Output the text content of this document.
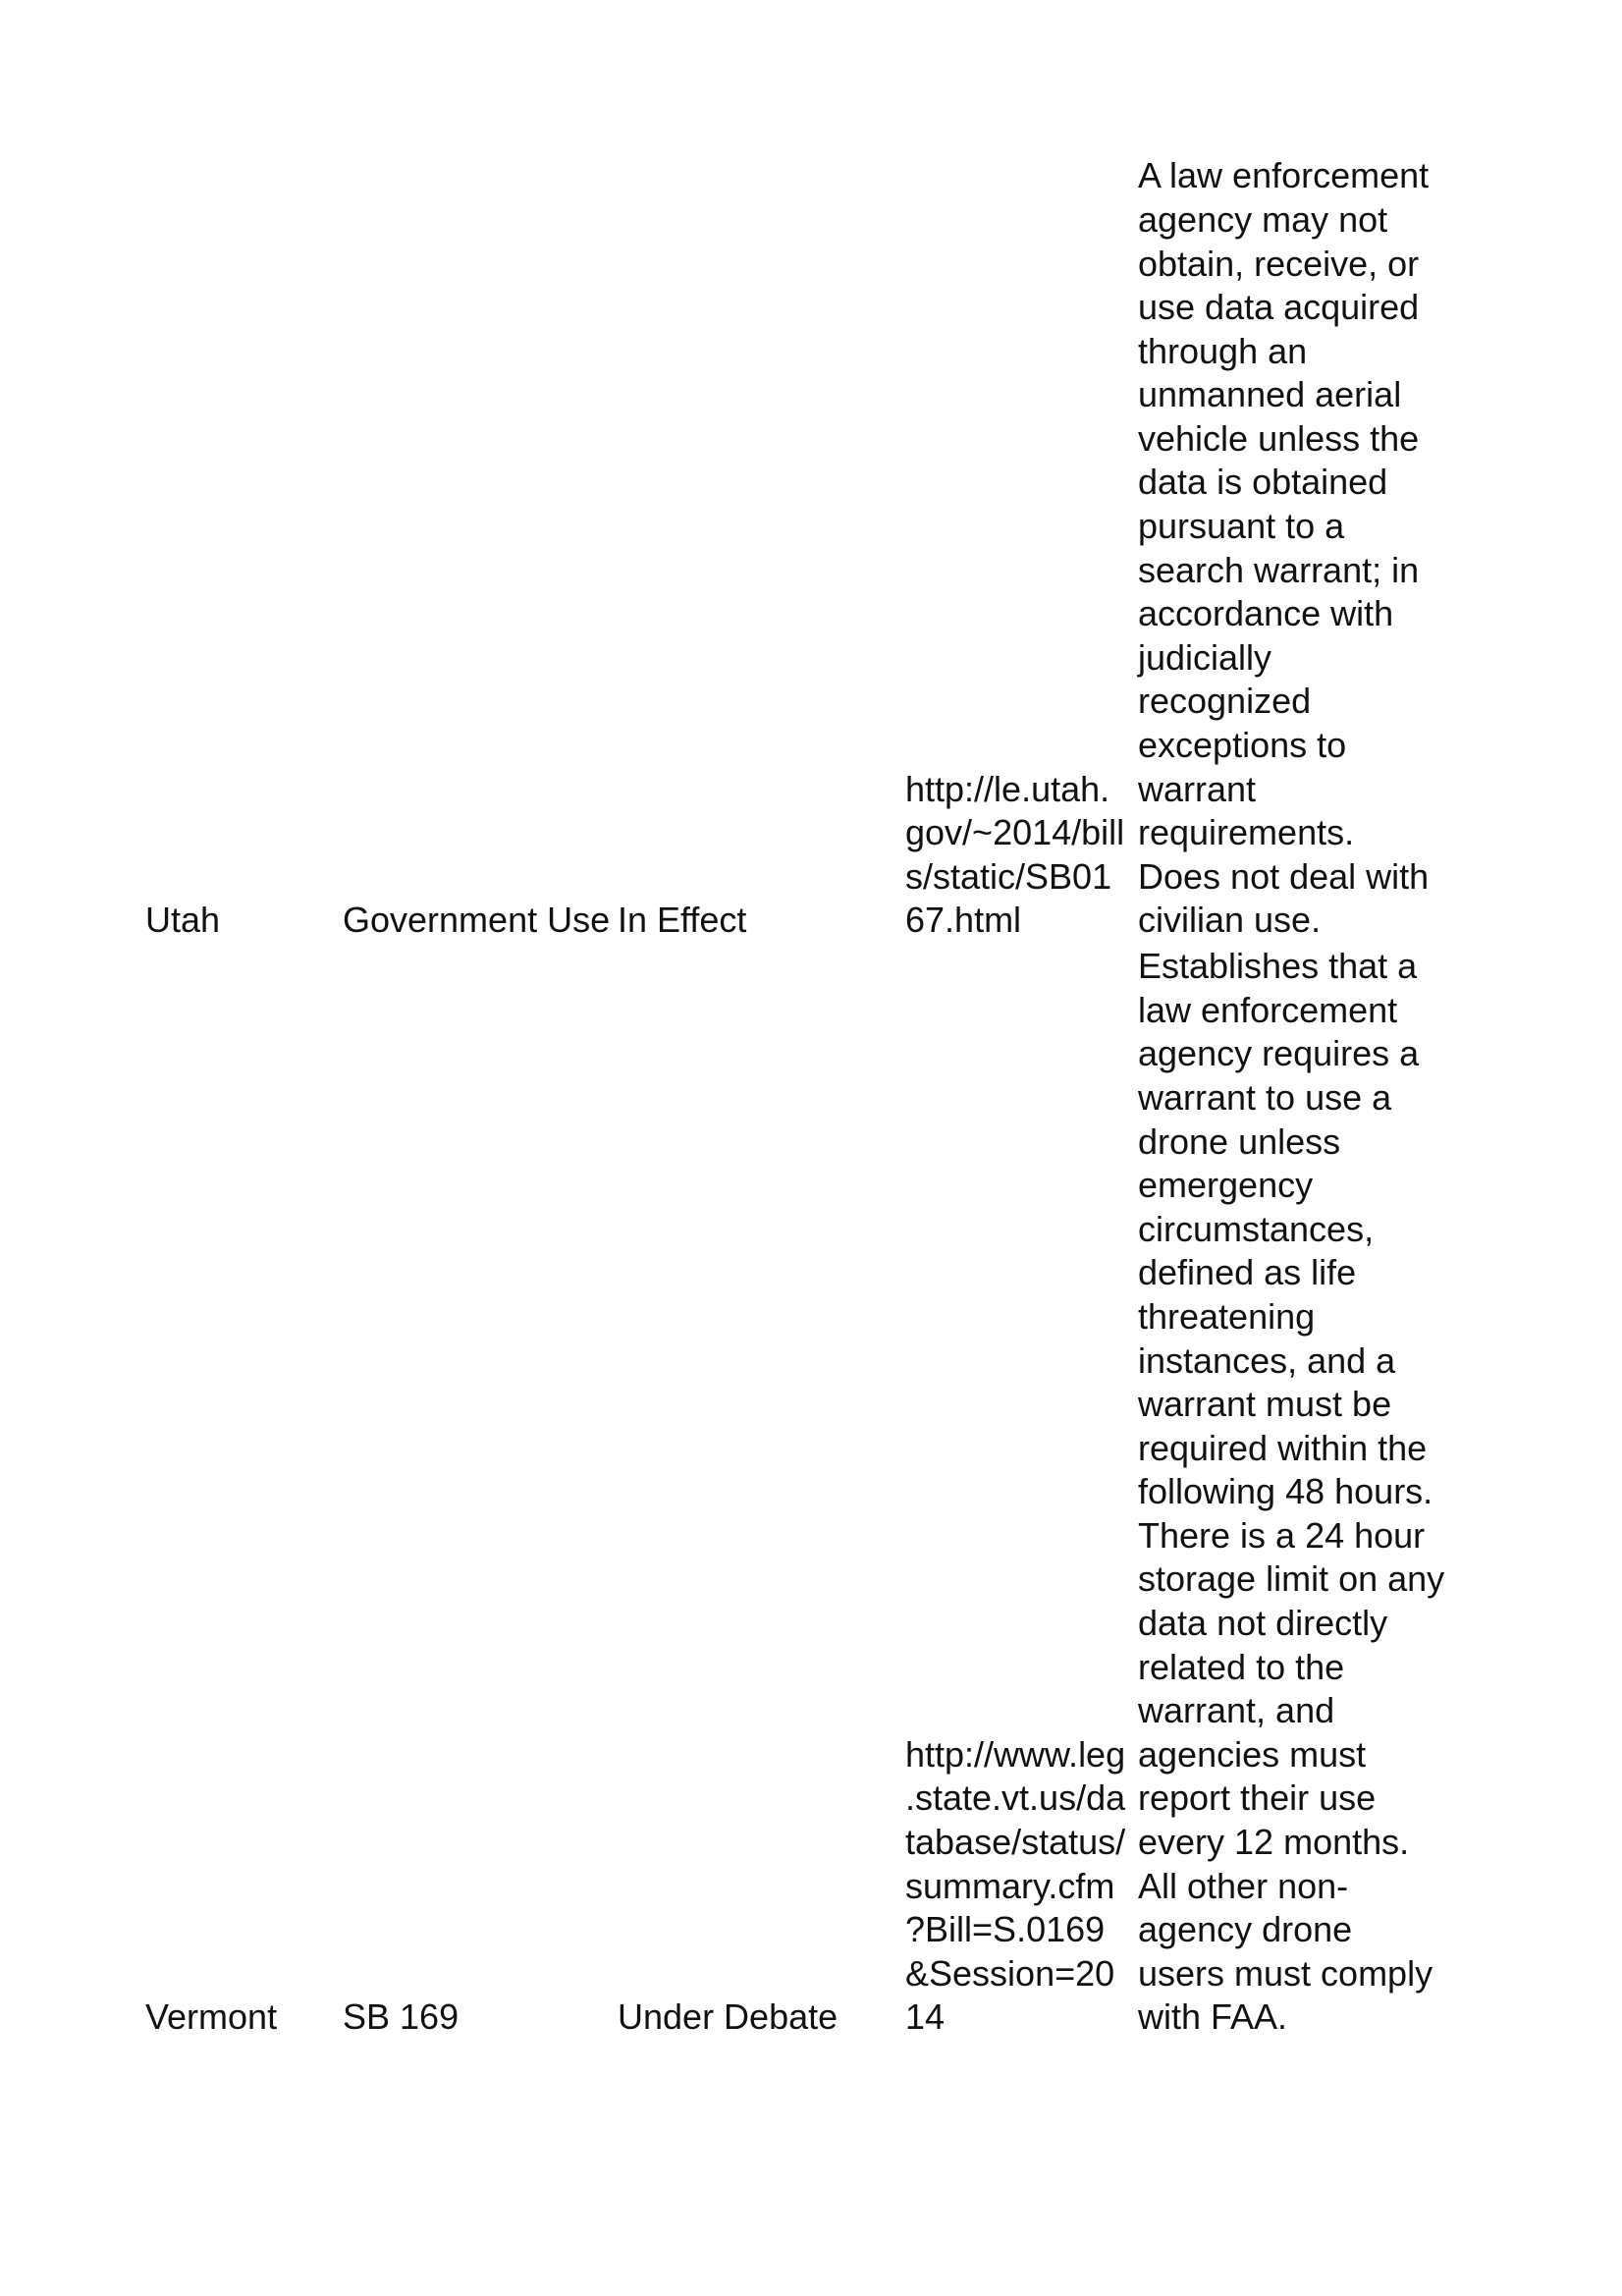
Utah	Government Use In Effect
http://le.utah.
gov/~2014/bill
s/static/SB01
67.html
A law enforcement
agency may not
obtain, receive, or
use data acquired
through an
unmanned aerial
vehicle unless the
data is obtained
pursuant to a
search warrant; in
accordance with
judicially
recognized
exceptions to
warrant
requirements.
Does not deal with
civilian use.
Vermont SB 169	Under Debate
http://www.leg
.state.vt.us/da
tabase/status/
summary.cfm
?Bill=S.0169
&Session=20
14
Establishes that a
law enforcement
agency requires a
warrant to use a
drone unless
emergency
circumstances,
defined as life
threatening
instances, and a
warrant must be
required within the
following 48 hours.
There is a 24 hour
storage limit on any
data not directly
related to the
warrant, and
agencies must
report their use
every 12 months.
All other non-
agency drone
users must comply
with FAA.
